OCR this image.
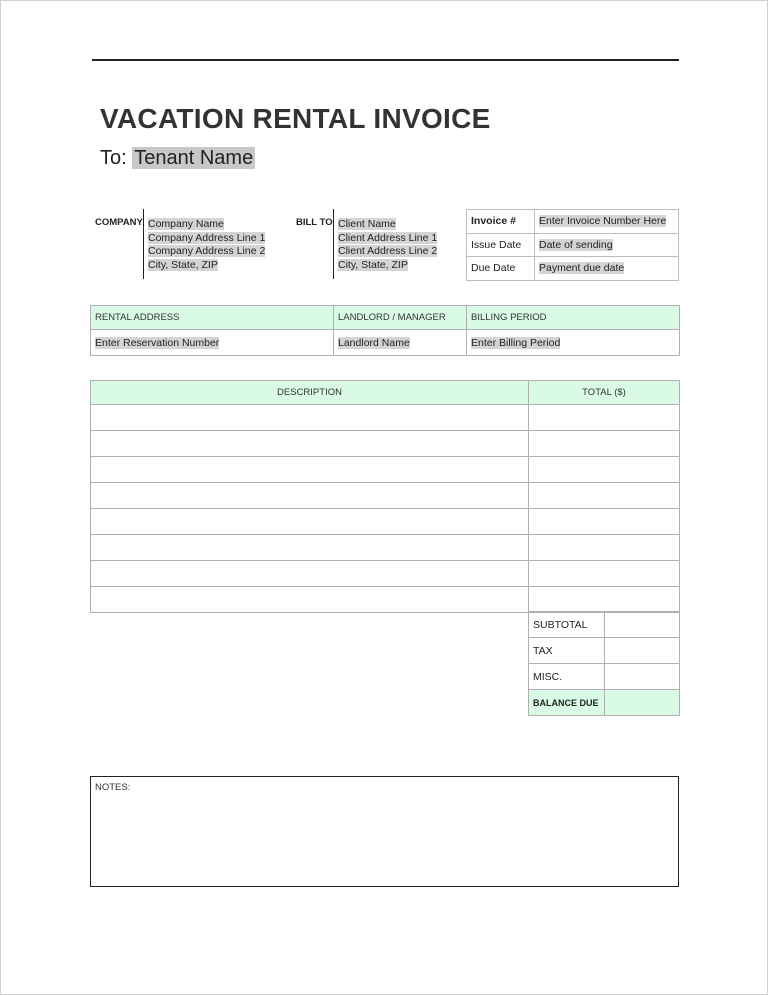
VACATION RENTAL INVOICE
To: Tenant Name
COMPANY Company Name
Company Address Line 1
Company Address Line 2
City, State, ZIP
BILL TO Client Name
Client Address Line 1
Client Address Line 2
City, State, ZIP
Invoice #	Enter Invoice Number Here
Issue Date	Date of sending
Due Date	Payment due date
RENTAL ADDRESS	LANDLORD / MANAGER	BILLING PERIOD
Enter Reservation Number	Landlord Name	Enter Billing Period
DESCRIPTION	TOTAL ($)

SUBTOTAL	
TAX	
MISC.	
BALANCE DUE	
NOTES:
